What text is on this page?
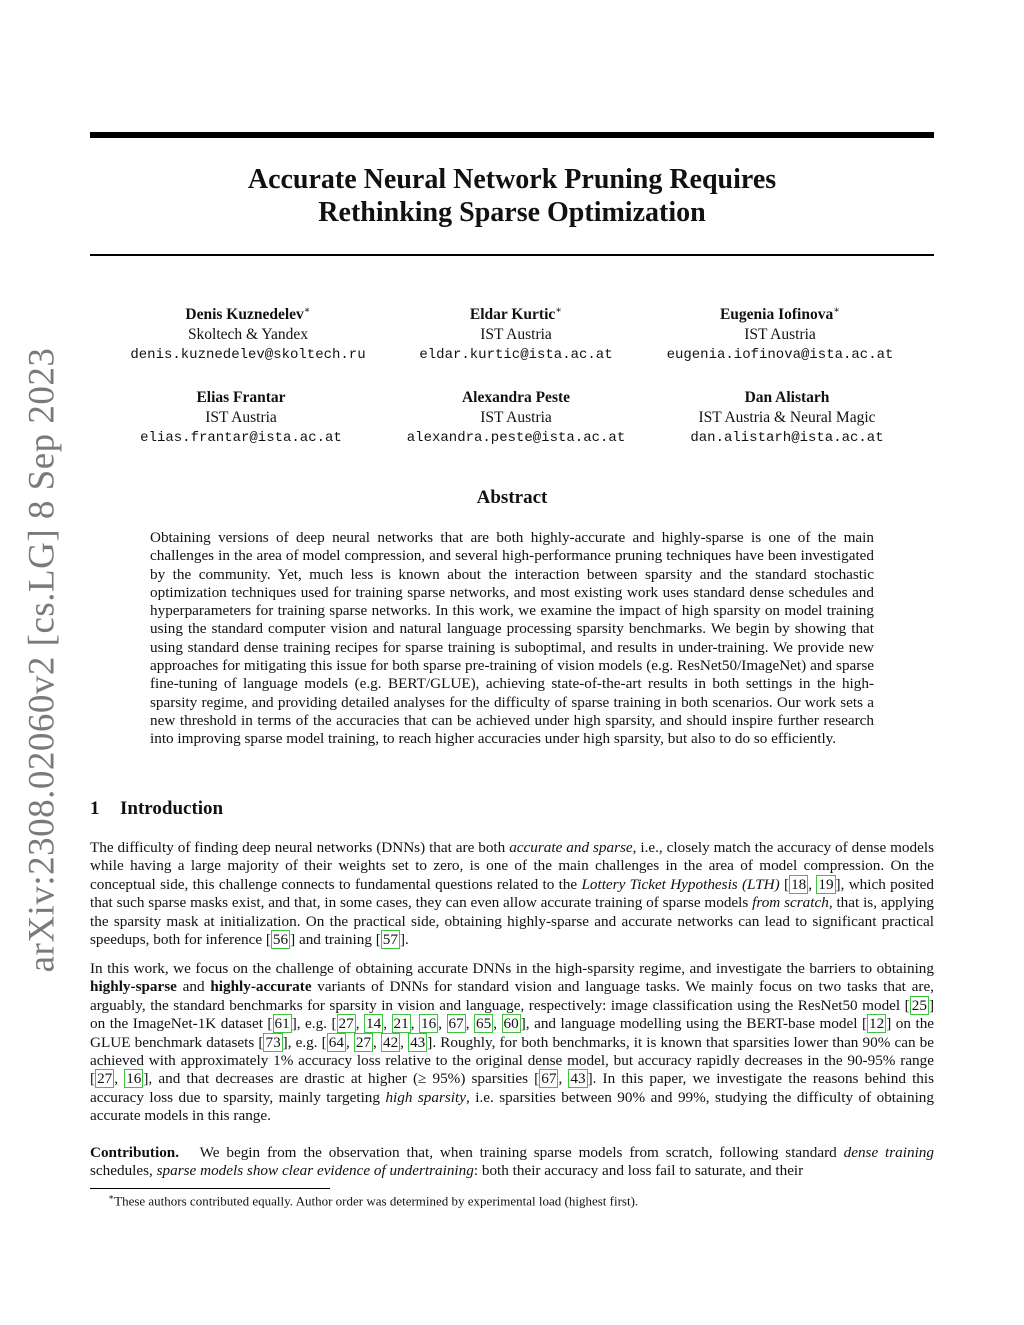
Accurate Neural Network Pruning Requires
Rethinking Sparse Optimization
arXiv:2308.02060v2 [cs.LG] 8 Sep 2023
Denis Kuznedelev∗
Skoltech & Yandex
denis.kuznedelev@skoltech.ru
Eldar Kurtic∗
IST Austria
eldar.kurtic@ista.ac.at
Eugenia Iofinova∗
IST Austria
eugenia.iofinova@ista.ac.at
Elias Frantar
IST Austria
elias.frantar@ista.ac.at
Alexandra Peste
IST Austria
alexandra.peste@ista.ac.at
Dan Alistarh
IST Austria & Neural Magic
dan.alistarh@ista.ac.at
Abstract

Obtaining versions of deep neural networks that are both highly-accurate and highly-sparse is one of the main challenges in the area of model compression, and several high-performance pruning techniques have been investigated by the community. Yet, much less is known about the interaction between sparsity and the standard stochastic optimization techniques used for training sparse networks, and most existing work uses standard dense schedules and hyperparameters for training sparse networks. In this work, we examine the impact of high sparsity on model training using the standard computer vision and natural language processing sparsity benchmarks. We begin by showing that using standard dense training recipes for sparse training is suboptimal, and results in under-training. We provide new approaches for mitigating this issue for both sparse pre-training of vision models (e.g. ResNet50/ImageNet) and sparse fine-tuning of language models (e.g. BERT/GLUE), achieving state-of-the-art results in both settings in the high-sparsity regime, and providing detailed analyses for the difficulty of sparse training in both scenarios. Our work sets a new threshold in terms of the accuracies that can be achieved under high sparsity, and should inspire further research into improving sparse model training, to reach higher accuracies under high sparsity, but also to do so efficiently.

1 Introduction

The difficulty of finding deep neural networks (DNNs) that are both accurate and sparse, i.e., closely match the accuracy of dense models while having a large majority of their weights set to zero, is one of the main challenges in the area of model compression. On the conceptual side, this challenge connects to fundamental questions related to the Lottery Ticket Hypothesis (LTH) [ 18 , 19 ], which posited that such sparse masks exist, and that, in some cases, they can even allow accurate training of sparse models from scratch, that is, applying the sparsity mask at initialization. On the practical side, obtaining highly-sparse and accurate networks can lead to significant practical speedups, both for inference [ 56 ] and training [ 57 ].

In this work, we focus on the challenge of obtaining accurate DNNs in the high-sparsity regime, and investigate the barriers to obtaining highly-sparse and highly-accurate variants of DNNs for standard vision and language tasks. We mainly focus on two tasks that are, arguably, the standard benchmarks for sparsity in vision and language, respectively: image classification using the ResNet50 model [ 25 ] on the ImageNet-1K dataset [ 61 ], e.g. [ 27 , 14 , 21 , 16 , 67 , 65 , 60 ], and language modelling using the BERT-base model [ 12 ] on the GLUE benchmark datasets [ 73 ], e.g. [ 64 , 27 , 42 , 43 ]. Roughly, for both benchmarks, it is known that sparsities lower than 90% can be achieved with approximately 1% accuracy loss relative to the original dense model, but accuracy rapidly decreases in the 90-95% range [ 27 , 16 ], and that decreases are drastic at higher (≥ 95%) sparsities [ 67 , 43 ]. In this paper, we investigate the reasons behind this accuracy loss due to sparsity, mainly targeting high sparsity, i.e. sparsities between 90% and 99%, studying the difficulty of obtaining accurate models in this range.

Contribution. We begin from the observation that, when training sparse models from scratch, following standard dense training schedules, sparse models show clear evidence of undertraining: both their accuracy and loss fail to saturate, and their

∗These authors contributed equally. Author order was determined by experimental load (highest first).
